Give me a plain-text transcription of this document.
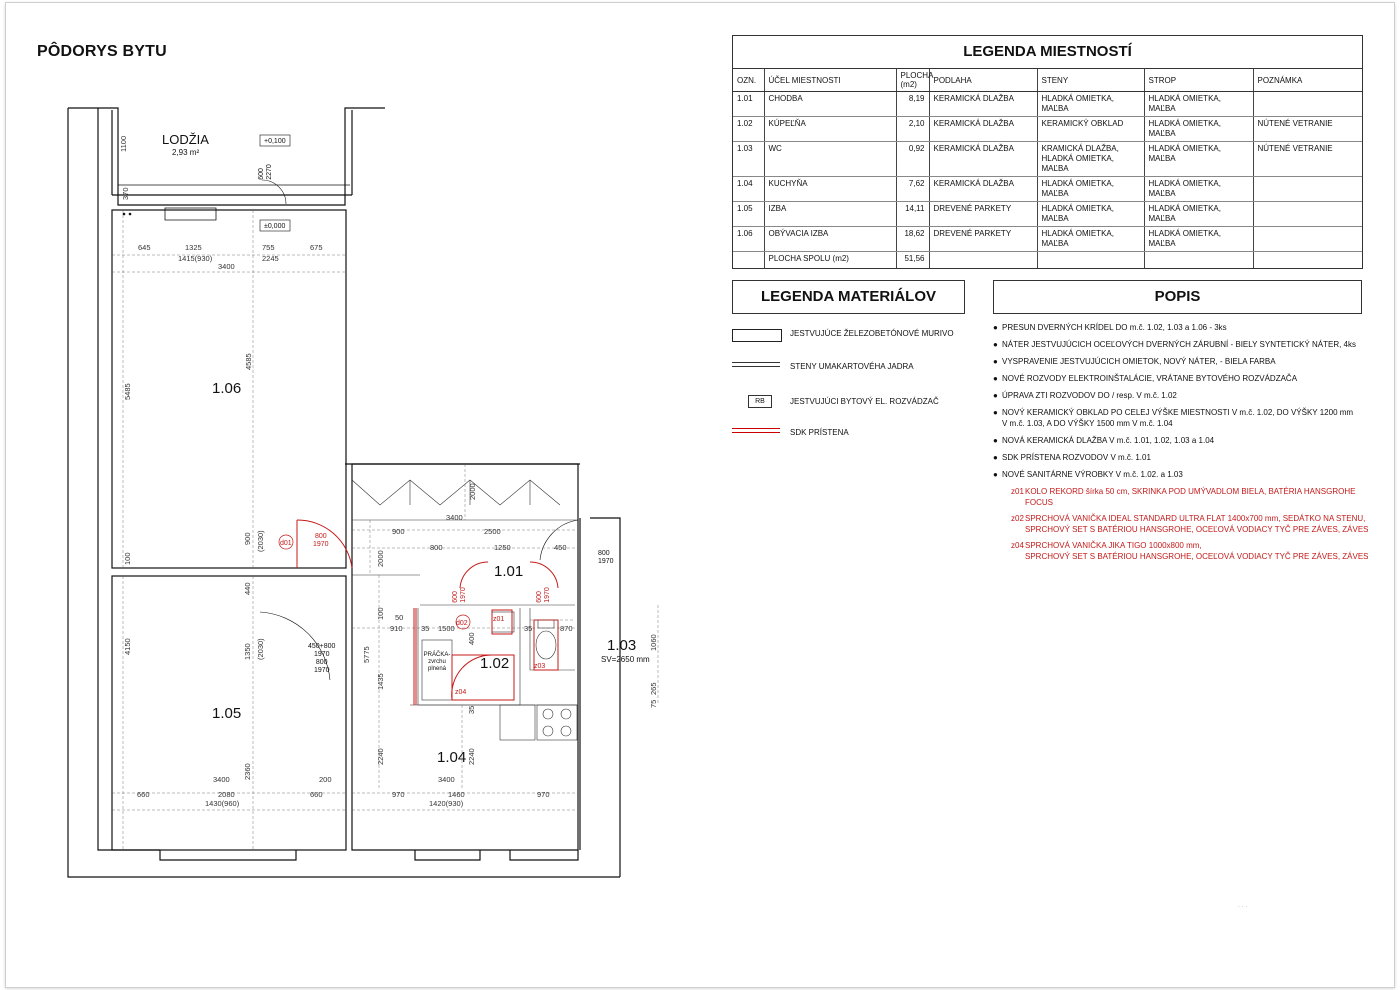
PÔDORYS BYTU
645	1325	755	675
1415(930)	2245
3400
1100
370
5485
100
4150
4585
900 (2030)
440
1350 (2030)
2360
3400	200
660	2080	660
1430(960)
3400
970	1460	970
1420(930)
2000
3400
900	2500
800	1250	450
2000
100 50
910 35 1500	35	870
5775
1435
400
35
2240	2240
1060
265
75
1.06
1.05
1.01
1.02
1.03
1.04
SV=2650 mm
LODŽIA
2,93 m²
+0,100
±0,000
d01
d02
z01
z03
z04
800
1970
600
1970	600
1970
800
1970
600
2270
450+800
1970
800
1970
PRÁČKA-
zvrchu
plnená
LEGENDA MIESTNOSTÍ
OZN.	ÚČEL MIESTNOSTI	PLOCHA
(m2)	PODLAHA	STENY	STROP	POZNÁMKA
1.01	CHODBA	8,19	KERAMICKÁ DLAŽBA	HLADKÁ OMIETKA, MAĽBA	HLADKÁ OMIETKA, MAĽBA	
1.02	KÚPEĽŇA	2,10	KERAMICKÁ DLAŽBA	KERAMICKÝ OBKLAD	HLADKÁ OMIETKA, MAĽBA	NÚTENÉ VETRANIE
1.03	WC	0,92	KERAMICKÁ DLAŽBA	KRAMICKÁ DLAŽBA,
HLADKÁ OMIETKA, MAĽBA	HLADKÁ OMIETKA, MAĽBA	NÚTENÉ VETRANIE
1.04	KUCHYŇA	7,62	KERAMICKÁ DLAŽBA	HLADKÁ OMIETKA, MAĽBA	HLADKÁ OMIETKA, MAĽBA	
1.05	IZBA	14,11	DREVENÉ PARKETY	HLADKÁ OMIETKA, MAĽBA	HLADKÁ OMIETKA, MAĽBA	
1.06	OBÝVACIA IZBA	18,62	DREVENÉ PARKETY	HLADKÁ OMIETKA, MAĽBA	HLADKÁ OMIETKA, MAĽBA	
	PLOCHA SPOLU (m2)	51,56				
LEGENDA MATERIÁLOV
JESTVUJÚCE ŽELEZOBETÓNOVÉ MURIVO
STENY UMAKARTOVÉHA JADRA
RB	JESTVUJÚCI BYTOVÝ EL. ROZVÁDZAČ
SDK PRÍSTENA
POPIS
● PRESUN DVERNÝCH KRÍDEL DO m.č. 1.02, 1.03 a 1.06 - 3ks
● NÁTER JESTVUJÚCICH OCEĽOVÝCH DVERNÝCH ZÁRUBNÍ - BIELY SYNTETICKÝ NÁTER, 4ks
● VYSPRAVENIE JESTVUJÚCICH OMIETOK, NOVÝ NÁTER, - BIELA FARBA
● NOVÉ ROZVODY ELEKTROINŠTALÁCIE, VRÁTANE BYTOVÉHO ROZVÁDZAČA
● ÚPRAVA ZTI ROZVODOV DO / resp. V m.č. 1.02
● NOVÝ KERAMICKÝ OBKLAD PO CELEJ VÝŠKE MIESTNOSTI V m.č. 1.02, DO VÝŠKY 1200 mm
V m.č. 1.03, A DO VÝŠKY 1500 mm V m.č. 1.04
● NOVÁ KERAMICKÁ DLAŽBA V m.č. 1.01, 1.02, 1.03 a 1.04
● SDK PRÍSTENA ROZVODOV V m.č. 1.01
● NOVÉ SANITÁRNE VÝROBKY V m.č. 1.02. a 1.03
z01 KOLO REKORD šírka 50 cm, SKRINKA POD UMÝVADLOM BIELA, BATÉRIA HANSGROHE FOCUS
z02 SPRCHOVÁ VANIČKA IDEAL STANDARD ULTRA FLAT 1400x700 mm, SEDÁTKO NA STENU,
SPRCHOVÝ SET S BATÉRIOU HANSGROHE, OCEĽOVÁ VODIACY TYČ PRE ZÁVES, ZÁVES
z04 SPRCHOVÁ VANIČKA JIKA TIGO 1000x800 mm,
SPRCHOVÝ SET S BATÉRIOU HANSGROHE, OCEĽOVÁ VODIACY TYČ PRE ZÁVES, ZÁVES
· · ·
